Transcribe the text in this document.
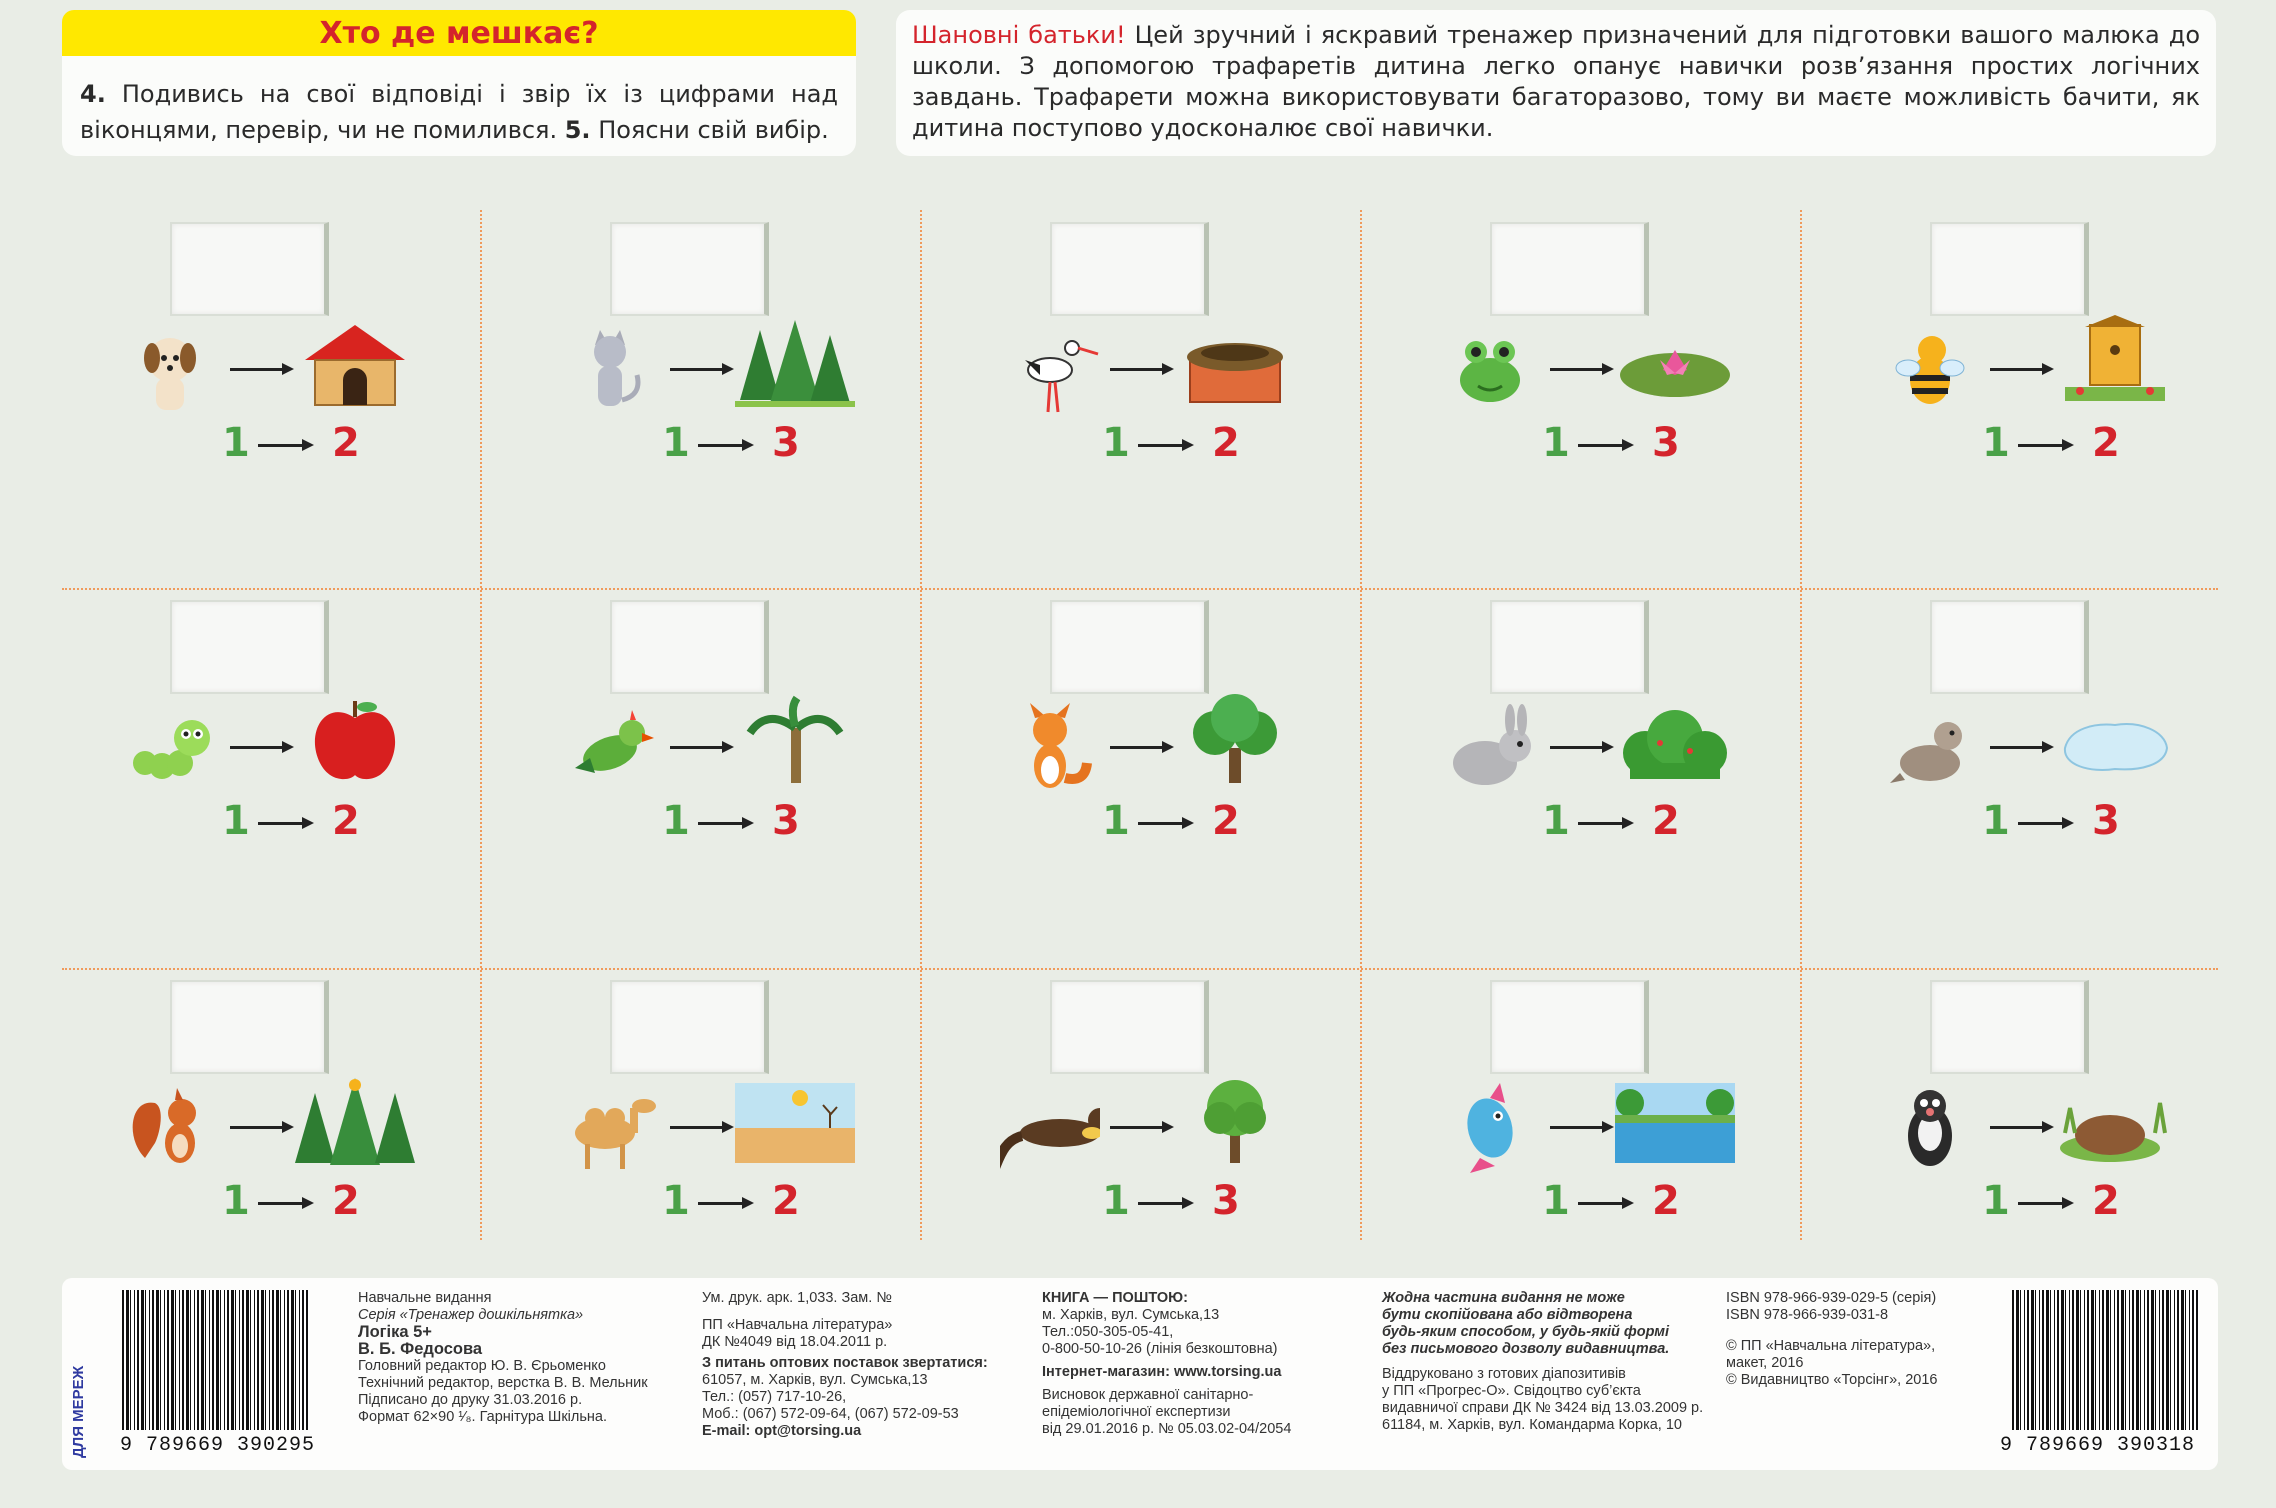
Хто де мешкає?
4. Подивись на свої відповіді і звір їх із цифрами над віконцями, перевір, чи не помилився. 5. Поясни свій вибір.
Шановні батьки! Цей зручний і яскравий тренажер призначений для підготовки вашого малюка до школи. З допомогою трафаретів дитина легко опанує навички розв’язання простих логічних завдань. Трафарети можна використовувати багаторазово, тому ви маєте можливість бачити, як дитина поступово удосконалює свої навички.
1 2	1 3	1 2	1 3	1 2
1 2	1 3	1 2	1 2	1 3
1 2	1 2	1 3	1 2	1 2
ДЛЯ МЕРЕЖ 9 789669 390295
Навчальне видання
Серія «Тренажер дошкільнятка»
Логіка 5+
В. Б. Федосова
Головний редактор Ю. В. Єрьоменко
Технічний редактор, верстка В. В. Мельник
Підписано до друку 31.03.2016 р.
Формат 62×90 ¹⁄₈. Гарнітура Шкільна.
Ум. друк. арк. 1,033. Зам. №
ПП «Навчальна література»
ДК №4049 від 18.04.2011 р.
З питань оптових поставок звертатися:
61057, м. Харків, вул. Сумська,13
Тел.: (057) 717-10-26,
Моб.: (067) 572-09-64, (067) 572-09-53
E-mail: opt@torsing.ua
КНИГА — ПОШТОЮ:
м. Харків, вул. Сумська,13
Тел.:050-305-05-41,
0-800-50-10-26 (лінія безкоштовна)
Інтернет-магазин: www.torsing.ua
Висновок державної санітарно-
епідеміологічної експертизи
від 29.01.2016 р. № 05.03.02-04/2054
Жодна частина видання не може
бути скопійована або відтворена
будь-яким способом, у будь-якій формі
без письмового дозволу видавництва.
Віддруковано з готових діапозитивів
у ПП «Прогрес-О». Свідоцтво суб’єкта
видавничої справи ДК № 3424 від 13.03.2009 р.
61184, м. Харків, вул. Командарма Корка, 10
ISBN 978-966-939-029-5 (серія)
ISBN 978-966-939-031-8
© ПП «Навчальна література»,
макет, 2016
© Видавництво «Торсінг», 2016
9 789669 390318
